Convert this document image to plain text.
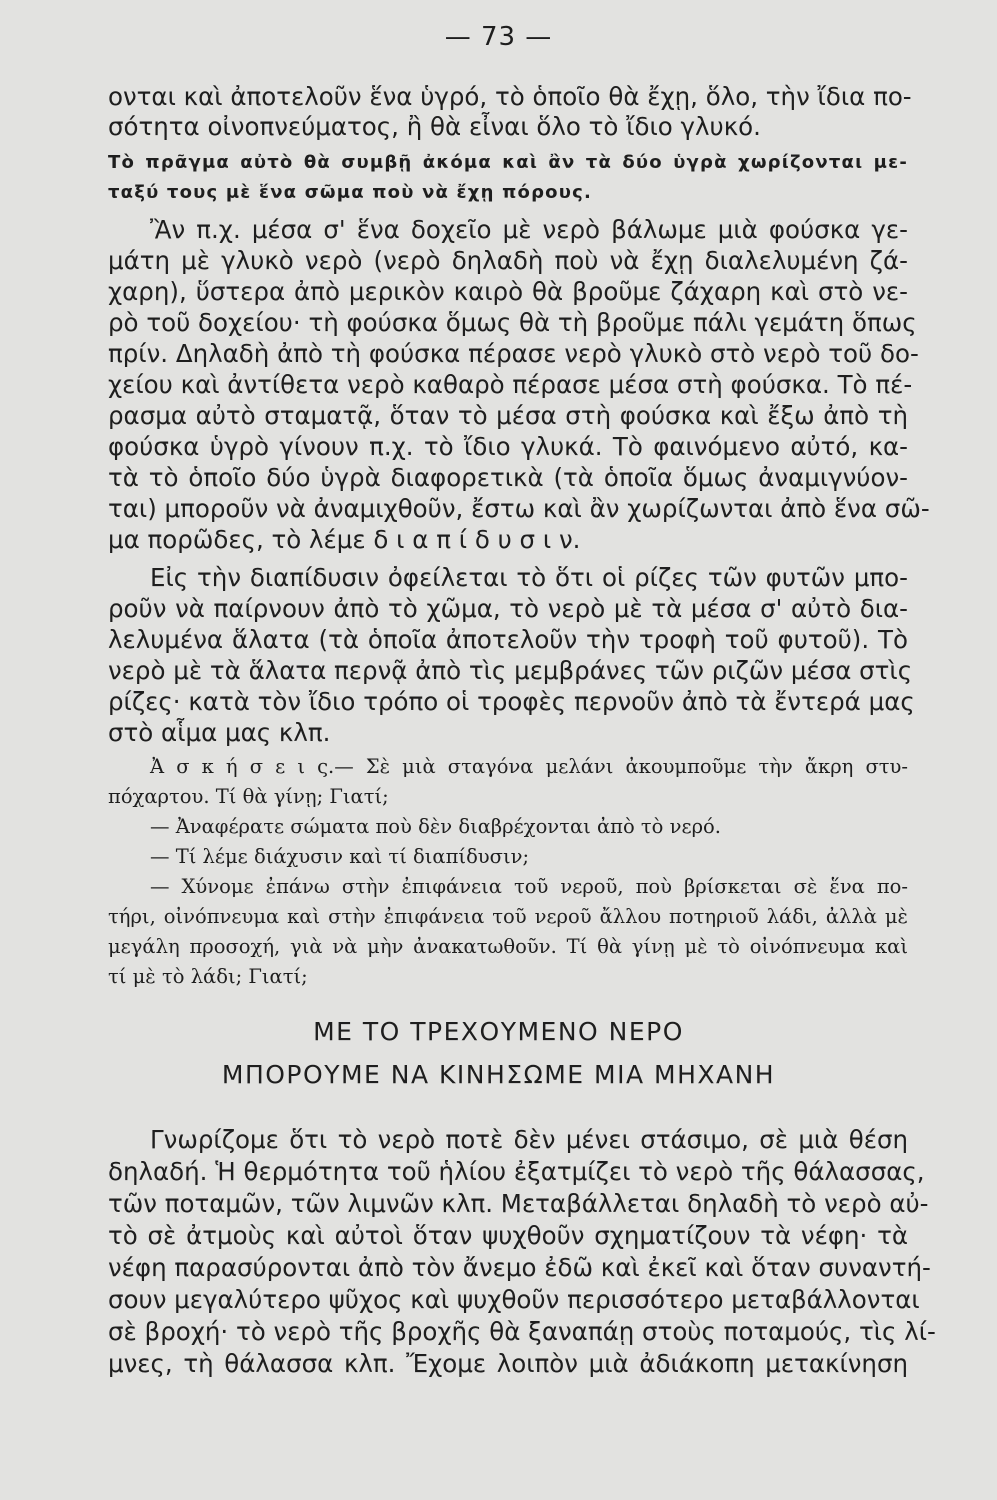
— 73 —
ονται καὶ ἀποτελοῦν ἕνα ὑγρό, τὸ ὁποῖο θὰ ἔχῃ, ὅλο, τὴν ἴδια πο-
σότητα οἰνοπνεύματος, ἢ θὰ εἶναι ὅλο τὸ ἴδιο γλυκό.
Τὸ πρᾶγμα αὐτὸ θὰ συμβῇ ἀκόμα καὶ ἂν τὰ δύο ὑγρὰ χωρίζονται με-
ταξύ τους μὲ ἕνα σῶμα ποὺ νὰ ἔχῃ πόρους.
Ἂν π.χ. μέσα σ' ἕνα δοχεῖο μὲ νερὸ βάλωμε μιὰ φούσκα γε-
μάτη μὲ γλυκὸ νερὸ (νερὸ δηλαδὴ ποὺ νὰ ἔχῃ διαλελυμένη ζά-
χαρη), ὕστερα ἀπὸ μερικὸν καιρὸ θὰ βροῦμε ζάχαρη καὶ στὸ νε-
ρὸ τοῦ δοχείου· τὴ φούσκα ὅμως θὰ τὴ βροῦμε πάλι γεμάτη ὅπως
πρίν. Δηλαδὴ ἀπὸ τὴ φούσκα πέρασε νερὸ γλυκὸ στὸ νερὸ τοῦ δο-
χείου καὶ ἀντίθετα νερὸ καθαρὸ πέρασε μέσα στὴ φούσκα. Τὸ πέ-
ρασμα αὐτὸ σταματᾷ, ὅταν τὸ μέσα στὴ φούσκα καὶ ἔξω ἀπὸ τὴ
φούσκα ὑγρὸ γίνουν π.χ. τὸ ἴδιο γλυκά. Τὸ φαινόμενο αὐτό, κα-
τὰ τὸ ὁποῖο δύο ὑγρὰ διαφορετικὰ (τὰ ὁποῖα ὅμως ἀναμιγνύον-
ται) μποροῦν νὰ ἀναμιχθοῦν, ἔστω καὶ ἂν χωρίζωνται ἀπὸ ἕνα σῶ-
μα πορῶδες, τὸ λέμε δ ι α π ί δ υ σ ι ν.
Εἰς τὴν διαπίδυσιν ὀφείλεται τὸ ὅτι οἱ ρίζες τῶν φυτῶν μπο-
ροῦν νὰ παίρνουν ἀπὸ τὸ χῶμα, τὸ νερὸ μὲ τὰ μέσα σ' αὐτὸ δια-
λελυμένα ἅλατα (τὰ ὁποῖα ἀποτελοῦν τὴν τροφὴ τοῦ φυτοῦ). Τὸ
νερὸ μὲ τὰ ἅλατα περνᾷ ἀπὸ τὶς μεμβράνες τῶν ριζῶν μέσα στὶς
ρίζες· κατὰ τὸν ἴδιο τρόπο οἱ τροφὲς περνοῦν ἀπὸ τὰ ἔντερά μας
στὸ αἷμα μας κλπ.
Ἀ σ κ ή σ ε ι ς.— Σὲ μιὰ σταγόνα μελάνι ἀκουμποῦμε τὴν ἄκρη στυ-
πόχαρτου. Τί θὰ γίνῃ; Γιατί;
— Ἀναφέρατε σώματα ποὺ δὲν διαβρέχονται ἀπὸ τὸ νερό.
— Τί λέμε διάχυσιν καὶ τί διαπίδυσιν;
— Χύνομε ἐπάνω στὴν ἐπιφάνεια τοῦ νεροῦ, ποὺ βρίσκεται σὲ ἕνα πο-
τήρι, οἰνόπνευμα καὶ στὴν ἐπιφάνεια τοῦ νεροῦ ἄλλου ποτηριοῦ λάδι, ἀλλὰ μὲ
μεγάλη προσοχή, γιὰ νὰ μὴν ἀνακατωθοῦν. Τί θὰ γίνῃ μὲ τὸ οἰνόπνευμα καὶ
τί μὲ τὸ λάδι; Γιατί;
ΜΕ ΤΟ ΤΡΕΧΟΥΜΕΝΟ ΝΕΡΟ
ΜΠΟΡΟΥΜΕ ΝΑ ΚΙΝΗΣΩΜΕ ΜΙΑ ΜΗΧΑΝΗ
Γνωρίζομε ὅτι τὸ νερὸ ποτὲ δὲν μένει στάσιμο, σὲ μιὰ θέση
δηλαδή. Ἡ θερμότητα τοῦ ἡλίου ἐξατμίζει τὸ νερὸ τῆς θάλασσας,
τῶν ποταμῶν, τῶν λιμνῶν κλπ. Μεταβάλλεται δηλαδὴ τὸ νερὸ αὐ-
τὸ σὲ ἀτμοὺς καὶ αὐτοὶ ὅταν ψυχθοῦν σχηματίζουν τὰ νέφη· τὰ
νέφη παρασύρονται ἀπὸ τὸν ἄνεμο ἐδῶ καὶ ἐκεῖ καὶ ὅταν συναντή-
σουν μεγαλύτερο ψῦχος καὶ ψυχθοῦν περισσότερο μεταβάλλονται
σὲ βροχή· τὸ νερὸ τῆς βροχῆς θὰ ξαναπάῃ στοὺς ποταμούς, τὶς λί-
μνες, τὴ θάλασσα κλπ. Ἔχομε λοιπὸν μιὰ ἀδιάκοπη μετακίνηση
